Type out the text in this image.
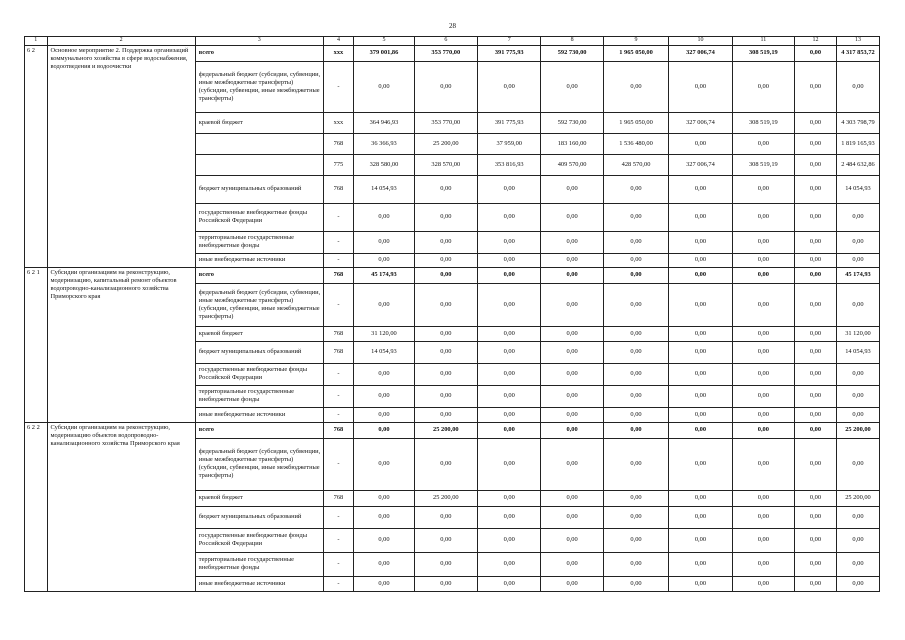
28
1	2	3	4	5	6	7	8	9	10	11	12	13
6 2	Основное мероприятие 2. Поддержка организаций коммунального хозяйства в сфере водоснабжения, водоотведения и водоочистки	всего	xxx	379 001,86	353 770,00	391 775,93	592 730,00	1 965 050,00	327 006,74	308 519,19	0,00	4 317 853,72
		федеральный бюджет (субсидии, субвенции, иные межбюджетные трансферты) (субсидии, субвенции, иные межбюджетные трансферты)	-	0,00	0,00	0,00	0,00	0,00	0,00	0,00	0,00	0,00
		краевой бюджет	xxx	364 946,93	353 770,00	391 775,93	592 730,00	1 965 050,00	327 006,74	308 519,19	0,00	4 303 798,79
			768	36 366,93	25 200,00	37 959,00	183 160,00	1 536 480,00	0,00	0,00	0,00	1 819 165,93
			775	328 580,00	328 570,00	353 816,93	409 570,00	428 570,00	327 006,74	308 519,19	0,00	2 484 632,86
		бюджет муниципальных образований	768	14 054,93	0,00	0,00	0,00	0,00	0,00	0,00	0,00	14 054,93
		государственные внебюджетные фонды Российской Федерации	-	0,00	0,00	0,00	0,00	0,00	0,00	0,00	0,00	0,00
		территориальные государственные внебюджетные фонды	-	0,00	0,00	0,00	0,00	0,00	0,00	0,00	0,00	0,00
		иные внебюджетные источники	-	0,00	0,00	0,00	0,00	0,00	0,00	0,00	0,00	0,00
6 2 1	Субсидии организациям на реконструкцию, модернизацию, капитальный ремонт объектов водопроводно-канализационного хозяйства Приморского края	всего	768	45 174,93	0,00	0,00	0,00	0,00	0,00	0,00	0,00	45 174,93
		федеральный бюджет (субсидии, субвенции, иные межбюджетные трансферты) (субсидии, субвенции, иные межбюджетные трансферты)	-	0,00	0,00	0,00	0,00	0,00	0,00	0,00	0,00	0,00
		краевой бюджет	768	31 120,00	0,00	0,00	0,00	0,00	0,00	0,00	0,00	31 120,00
		бюджет муниципальных образований	768	14 054,93	0,00	0,00	0,00	0,00	0,00	0,00	0,00	14 054,93
		государственные внебюджетные фонды Российской Федерации	-	0,00	0,00	0,00	0,00	0,00	0,00	0,00	0,00	0,00
		территориальные государственные внебюджетные фонды	-	0,00	0,00	0,00	0,00	0,00	0,00	0,00	0,00	0,00
		иные внебюджетные источники	-	0,00	0,00	0,00	0,00	0,00	0,00	0,00	0,00	0,00
6 2 2	Субсидии организациям на реконструкцию, модернизацию объектов водопроводно-канализационного хозяйства Приморского края	всего	768	0,00	25 200,00	0,00	0,00	0,00	0,00	0,00	0,00	25 200,00
		федеральный бюджет (субсидии, субвенции, иные межбюджетные трансферты) (субсидии, субвенции, иные межбюджетные трансферты)	-	0,00	0,00	0,00	0,00	0,00	0,00	0,00	0,00	0,00
		краевой бюджет	768	0,00	25 200,00	0,00	0,00	0,00	0,00	0,00	0,00	25 200,00
		бюджет муниципальных образований	-	0,00	0,00	0,00	0,00	0,00	0,00	0,00	0,00	0,00
		государственные внебюджетные фонды Российской Федерации	-	0,00	0,00	0,00	0,00	0,00	0,00	0,00	0,00	0,00
		территориальные государственные внебюджетные фонды	-	0,00	0,00	0,00	0,00	0,00	0,00	0,00	0,00	0,00
		иные внебюджетные источники	-	0,00	0,00	0,00	0,00	0,00	0,00	0,00	0,00	0,00
